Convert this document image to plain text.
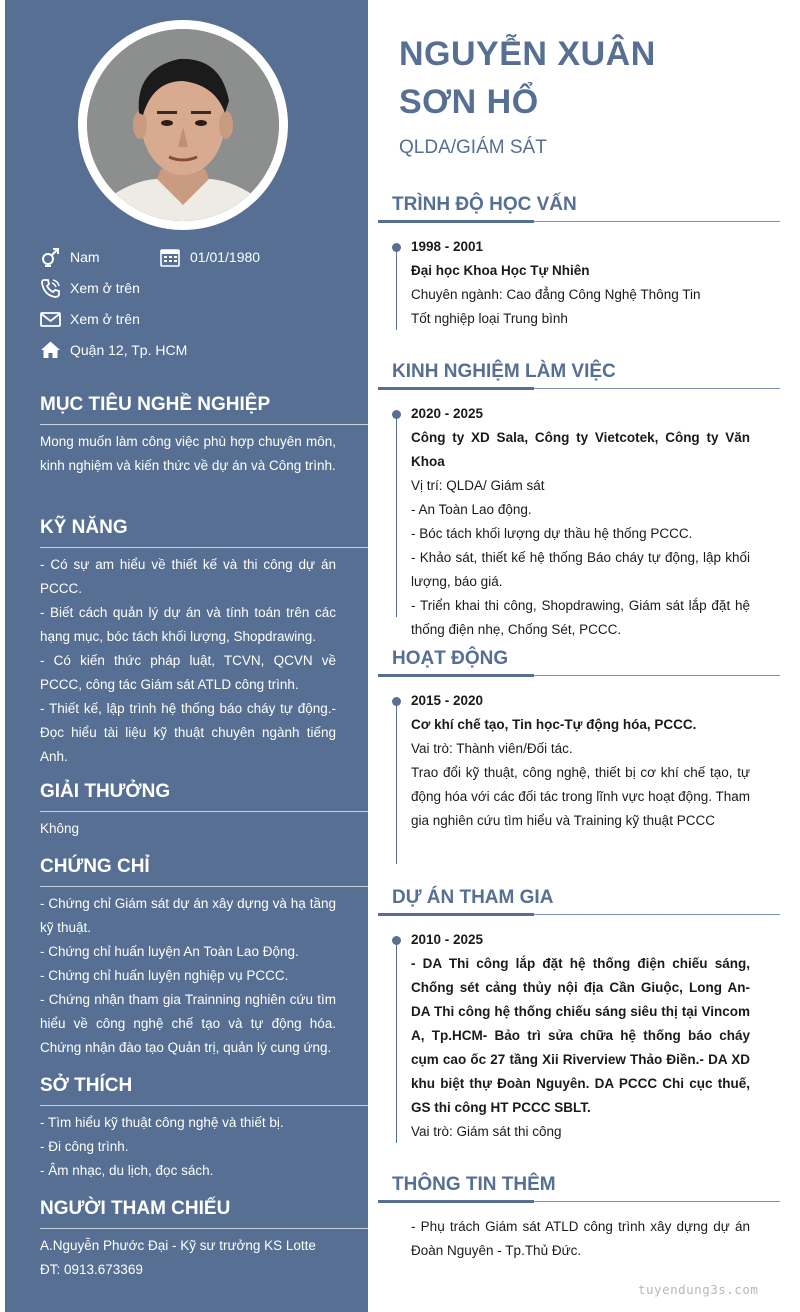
Nam	01/01/1980
Xem ở trên
Xem ở trên
Quận 12, Tp. HCM
MỤC TIÊU NGHỀ NGHIỆP
Mong muốn làm công việc phù hợp chuyên môn, kinh nghiệm và kiến thức về dự án và Công trình.
KỸ NĂNG
- Có sự am hiểu về thiết kế và thi công dự án PCCC.
- Biết cách quản lý dự án và tính toán trên các hạng mục, bóc tách khối lượng, Shopdrawing.
- Có kiến thức pháp luật, TCVN, QCVN về PCCC, công tác Giám sát ATLD công trình.
- Thiết kế, lập trình hệ thống báo cháy tự động.- Đọc hiểu tài liệu kỹ thuật chuyên ngành tiếng Anh.
GIẢI THƯỞNG
Không
CHỨNG CHỈ
- Chứng chỉ Giám sát dự án xây dựng và hạ tầng kỹ thuật.
- Chứng chỉ huấn luyện An Toàn Lao Động.
- Chứng chỉ huấn luyện nghiệp vụ PCCC.
- Chứng nhận tham gia Trainning nghiên cứu tìm hiểu về công nghệ chế tạo và tự động hóa. Chứng nhận đào tạo Quản trị, quản lý cung ứng.
SỞ THÍCH
- Tìm hiểu kỹ thuật công nghệ và thiết bị.
- Đi công trình.
- Âm nhạc, du lịch, đọc sách.
NGƯỜI THAM CHIẾU
A.Nguyễn Phước Đại - Kỹ sư trưởng KS Lotte
ĐT: 0913.673369
NGUYỄN XUÂN
SƠN HỔ
QLDA/GIÁM SÁT
TRÌNH ĐỘ HỌC VẤN
1998 - 2001
Đại học Khoa Học Tự Nhiên
Chuyên ngành: Cao đẳng Công Nghệ Thông Tin
Tốt nghiệp loại Trung bình
KINH NGHIỆM LÀM VIỆC
2020 - 2025
Công ty XD Sala, Công ty Vietcotek, Công ty Văn Khoa
Vị trí: QLDA/ Giám sát
- An Toàn Lao động.
- Bóc tách khối lượng dự thầu hệ thống PCCC.
- Khảo sát, thiết kế hệ thống Báo cháy tự động, lập khối lượng, báo giá.
- Triển khai thi công, Shopdrawing, Giám sát lắp đặt hệ thống điện nhẹ, Chống Sét, PCCC.
HOẠT ĐỘNG
2015 - 2020
Cơ khí chế tạo, Tin học-Tự động hóa, PCCC.
Vai trò: Thành viên/Đối tác.
Trao đổi kỹ thuật, công nghệ, thiết bị cơ khí chế tạo, tự động hóa với các đối tác trong lĩnh vực hoạt động. Tham gia nghiên cứu tìm hiểu và Training kỹ thuật PCCC
DỰ ÁN THAM GIA
2010 - 2025
- DA Thi công lắp đặt hệ thống điện chiếu sáng, Chống sét cảng thủy nội địa Cần Giuộc, Long An- DA Thi công hệ thống chiếu sáng siêu thị tại Vincom A, Tp.HCM- Bảo trì sửa chữa hệ thống báo cháy cụm cao ốc 27 tầng Xii Riverview Thảo Điền.- DA XD khu biệt thự Đoàn Nguyên. DA PCCC Chi cục thuế, GS thi công HT PCCC SBLT.
Vai trò: Giám sát thi công
THÔNG TIN THÊM
- Phụ trách Giám sát ATLD công trình xây dựng dự án Đoàn Nguyên - Tp.Thủ Đức.
tuyendung3s.com
